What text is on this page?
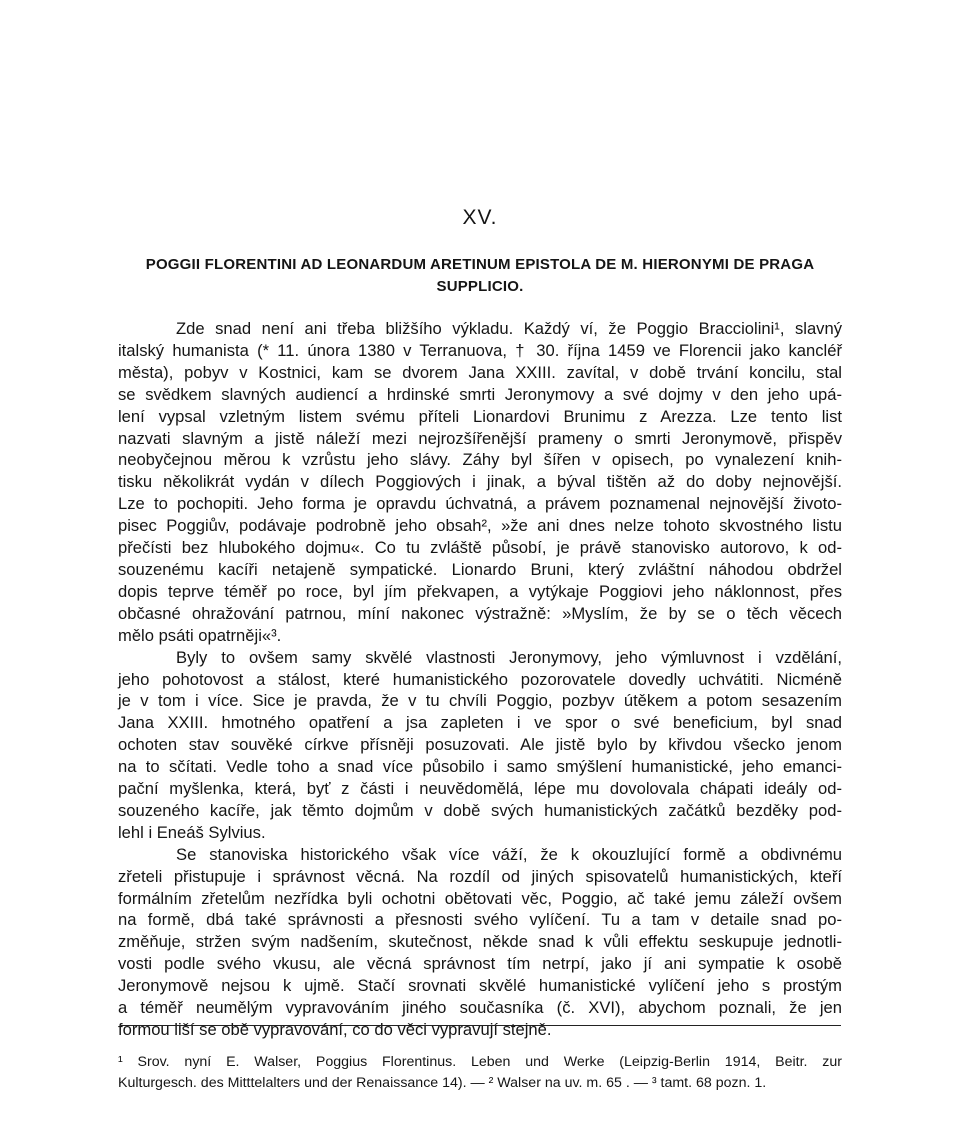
XV.
POGGII FLORENTINI AD LEONARDUM ARETINUM EPISTOLA DE M. HIERONYMI DE PRAGA
SUPPLICIO.
Zde snad není ani třeba bližšího výkladu. Každý ví, že Poggio Bracciolini¹, slavný
italský humanista (* 11. února 1380 v Terranuova, † 30. října 1459 ve Florencii jako kancléř
města), pobyv v Kostnici, kam se dvorem Jana XXIII. zavítal, v době trvání koncilu, stal
se svědkem slavných audiencí a hrdinské smrti Jeronymovy a své dojmy v den jeho upá-
lení vypsal vzletným listem svému příteli Lionardovi Brunimu z Arezza. Lze tento list
nazvati slavným a jistě náleží mezi nejrozšířenější prameny o smrti Jeronymově, přispěv
neobyčejnou měrou k vzrůstu jeho slávy. Záhy byl šířen v opisech, po vynalezení knih-
tisku několikrát vydán v dílech Poggiových i jinak, a býval tištěn až do doby nejnovější.
Lze to pochopiti. Jeho forma je opravdu úchvatná, a právem poznamenal nejnovější životo-
pisec Poggiův, podávaje podrobně jeho obsah², »že ani dnes nelze tohoto skvostného listu
přečísti bez hlubokého dojmu«. Co tu zvláště působí, je právě stanovisko autorovo, k od-
souzenému kacíři netajeně sympatické. Lionardo Bruni, který zvláštní náhodou obdržel
dopis teprve téměř po roce, byl jím překvapen, a vytýkaje Poggiovi jeho náklonnost, přes
občasné ohražování patrnou, míní nakonec výstražně: »Myslím, že by se o těch věcech
mělo psáti opatrněji«³.
Byly to ovšem samy skvělé vlastnosti Jeronymovy, jeho výmluvnost i vzdělání,
jeho pohotovost a stálost, které humanistického pozorovatele dovedly uchvátiti. Nicméně
je v tom i více. Sice je pravda, že v tu chvíli Poggio, pozbyv útěkem a potom sesazením
Jana XXIII. hmotného opatření a jsa zapleten i ve spor o své beneficium, byl snad
ochoten stav souvěké církve přísněji posuzovati. Ale jistě bylo by křivdou všecko jenom
na to sčítati. Vedle toho a snad více působilo i samo smýšlení humanistické, jeho emanci-
pační myšlenka, která, byť z části i neuvědomělá, lépe mu dovolovala chápati ideály od-
souzeného kacíře, jak těmto dojmům v době svých humanistických začátků bezděky pod-
lehl i Eneáš Sylvius.
Se stanoviska historického však více váží, že k okouzlující formě a obdivnému
zřeteli přistupuje i správnost věcná. Na rozdíl od jiných spisovatelů humanistických, kteří
formálním zřetelům nezřídka byli ochotni obětovati věc, Poggio, ač také jemu záleží ovšem
na formě, dbá také správnosti a přesnosti svého vylíčení. Tu a tam v detaile snad po-
změňuje, stržen svým nadšením, skutečnost, někde snad k vůli effektu seskupuje jednotli-
vosti podle svého vkusu, ale věcná správnost tím netrpí, jako jí ani sympatie k osobě
Jeronymově nejsou k ujmě. Stačí srovnati skvělé humanistické vylíčení jeho s prostým
a téměř neumělým vypravováním jiného současníka (č. XVI), abychom poznali, že jen
formou liší se obě vypravování, co do věci vypravují stejně.
¹ Srov. nyní E. Walser, Poggius Florentinus. Leben und Werke (Leipzig-Berlin 1914, Beitr. zur
Kulturgesch. des Mitttelalters und der Renaissance 14). — ² Walser na uv. m. 65 . — ³ tamt. 68 pozn. 1.
